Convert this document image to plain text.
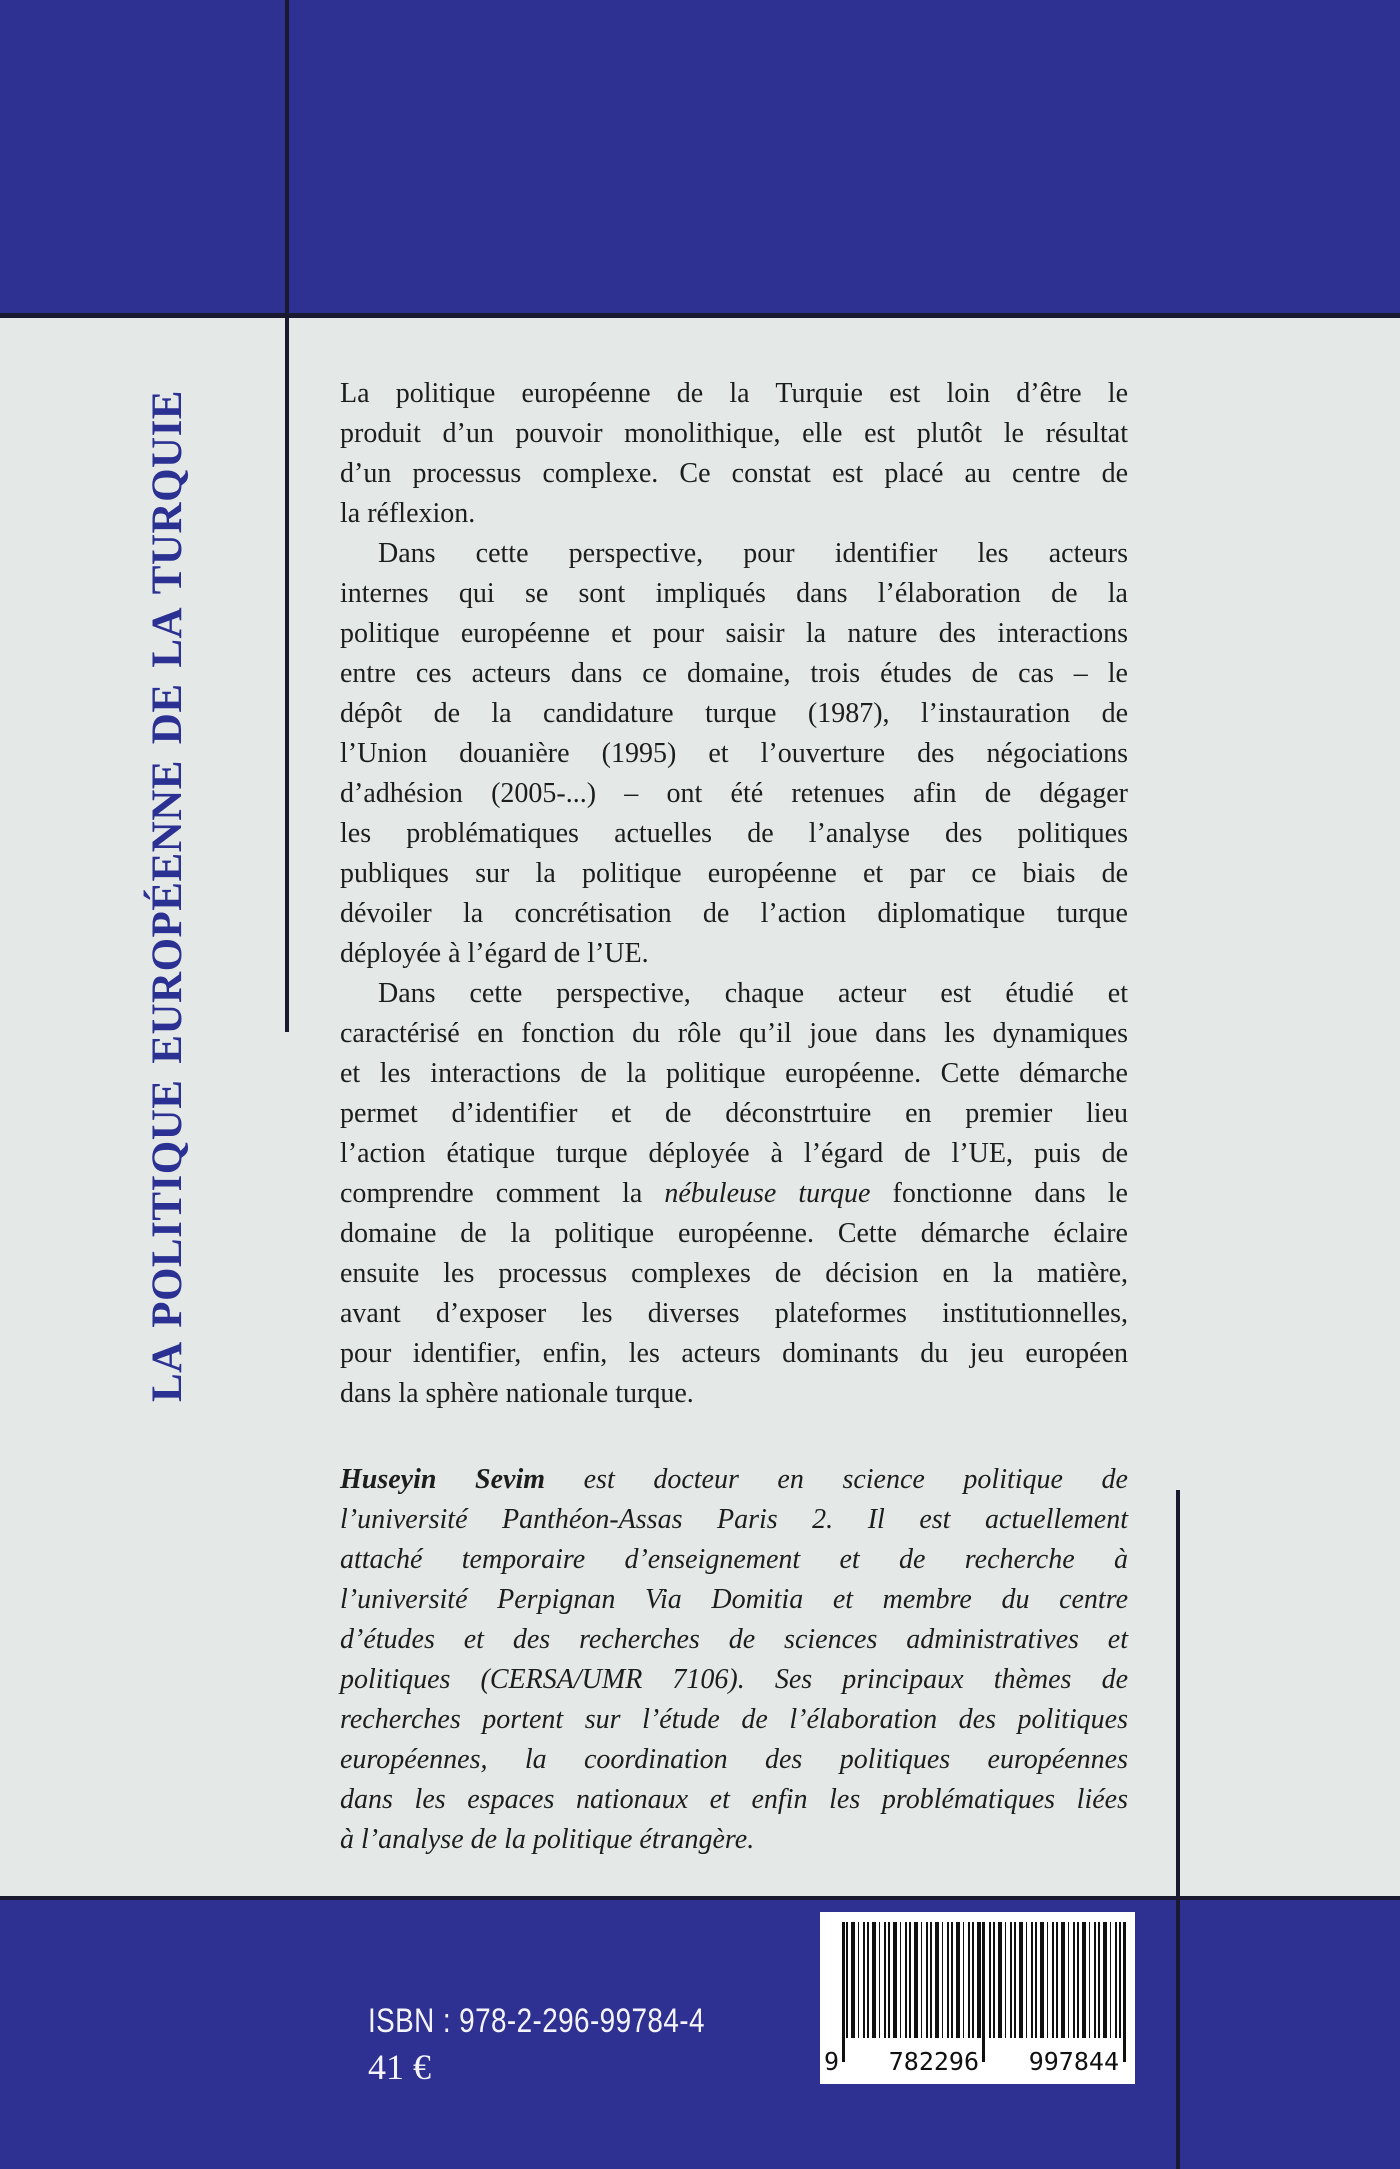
LA POLITIQUE EUROPÉENNE DE LA TURQUIE	La politique européenne de la Turquie est loin d’être le
produit d’un pouvoir monolithique, elle est plutôt le résultat
d’un processus complexe. Ce constat est placé au centre de
la réflexion.
Dans cette perspective, pour identifier les acteurs
internes qui se sont impliqués dans l’élaboration de la
politique européenne et pour saisir la nature des interactions
entre ces acteurs dans ce domaine, trois études de cas – le
dépôt de la candidature turque (1987), l’instauration de
l’Union douanière (1995) et l’ouverture des négociations
d’adhésion (2005-...) – ont été retenues afin de dégager
les problématiques actuelles de l’analyse des politiques
publiques sur la politique européenne et par ce biais de
dévoiler la concrétisation de l’action diplomatique turque
déployée à l’égard de l’UE.
Dans cette perspective, chaque acteur est étudié et
caractérisé en fonction du rôle qu’il joue dans les dynamiques
et les interactions de la politique européenne. Cette démarche
permet d’identifier et de déconstrtuire en premier lieu
l’action étatique turque déployée à l’égard de l’UE, puis de
comprendre comment la nébuleuse turque fonctionne dans le
domaine de la politique européenne. Cette démarche éclaire
ensuite les processus complexes de décision en la matière,
avant d’exposer les diverses plateformes institutionnelles,
pour identifier, enfin, les acteurs dominants du jeu européen
dans la sphère nationale turque.
Huseyin Sevim est docteur en science politique de
l’université Panthéon-Assas Paris 2. Il est actuellement
attaché temporaire d’enseignement et de recherche à
l’université Perpignan Via Domitia et membre du centre
d’études et des recherches de sciences administratives et
politiques (CERSA/UMR 7106). Ses principaux thèmes de
recherches portent sur l’étude de l’élaboration des politiques
européennes, la coordination des politiques européennes
dans les espaces nationaux et enfin les problématiques liées
à l’analyse de la politique étrangère.
ISBN : 978-2-296-99784-4
41 €	9 782296 997844
